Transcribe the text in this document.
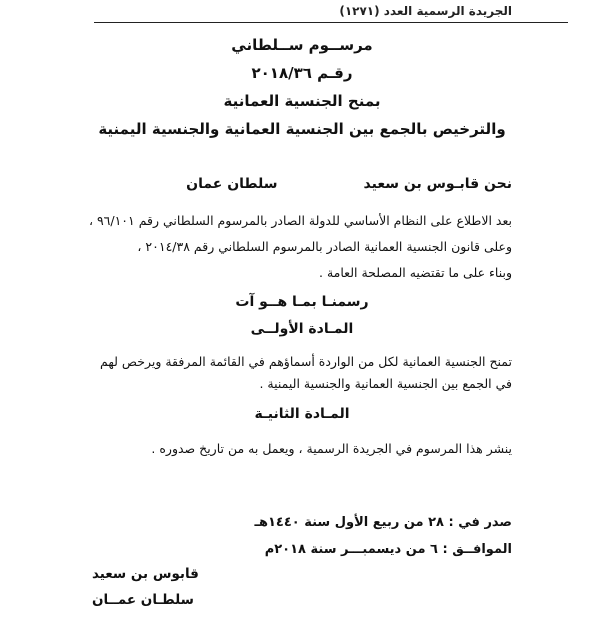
الجريدة الرسمية العدد (١٢٧١)
مرســوم ســلطاني
رقـم ٢٠١٨/٣٦
بمنح الجنسية العمانية
والترخيص بالجمع بين الجنسية العمانية والجنسية اليمنية
نحن قابـوس بن سعيدسلطان عمان
بعد الاطلاع على النظام الأساسي للدولة الصادر بالمرسوم السلطاني رقم ٩٦/١٠١ ،
وعلى قانون الجنسية العمانية الصادر بالمرسوم السلطاني رقم ٢٠١٤/٣٨ ،
وبناء على ما تقتضيه المصلحة العامة .
رسمنـا بمـا هــو آت
المـادة الأولــى
تمنح الجنسية العمانية لكل من الواردة أسماؤهم في القائمة المرفقة ويرخص لهم
في الجمع بين الجنسية العمانية والجنسية اليمنية .
المـادة الثانيـة
ينشر هذا المرسوم في الجريدة الرسمية ، ويعمل به من تاريخ صدوره .
صدر في : ٢٨ من ربيع الأول سنة ١٤٤٠هـ
الموافــق : ٦ من ديسمبـــر سنة ٢٠١٨م
قابوس بن سعيد
سلطـان عمــان
